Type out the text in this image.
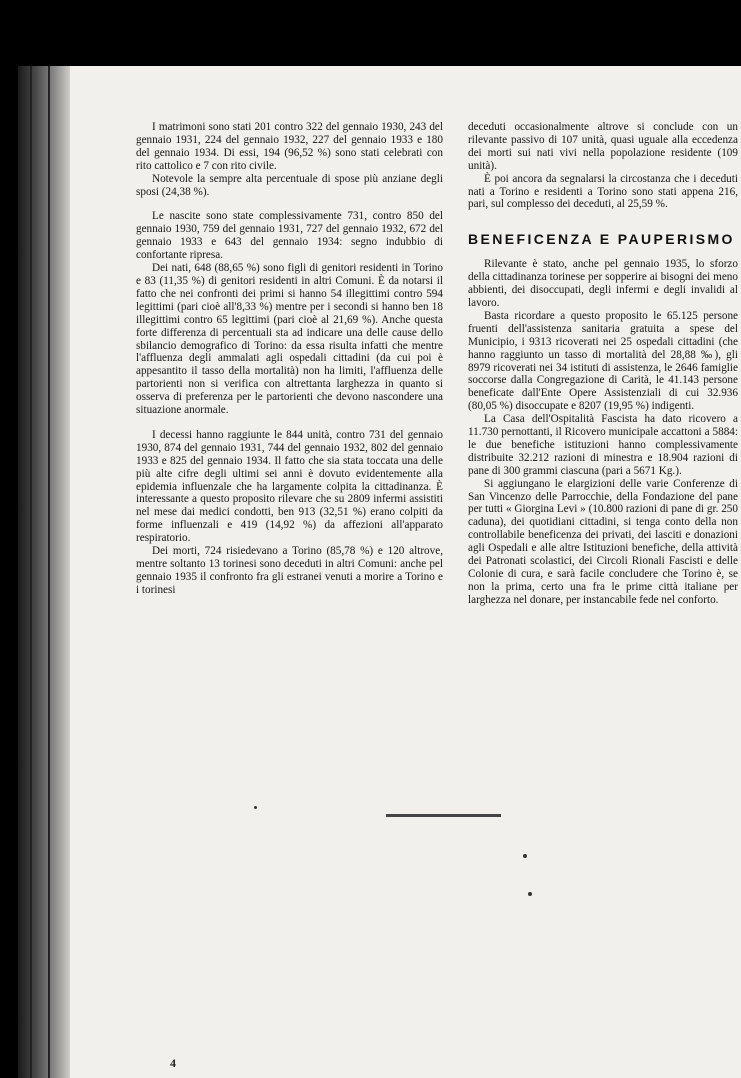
I matrimoni sono stati 201 contro 322 del gennaio 1930, 243 del gennaio 1931, 224 del gennaio 1932, 227 del gennaio 1933 e 180 del gennaio 1934. Di essi, 194 (96,52 %) sono stati celebrati con rito cattolico e 7 con rito civile.

Notevole la sempre alta percentuale di spose più anziane degli sposi (24,38 %).

Le nascite sono state complessivamente 731, contro 850 del gennaio 1930, 759 del gennaio 1931, 727 del gennaio 1932, 672 del gennaio 1933 e 643 del gennaio 1934: segno indubbio di confortante ripresa.

Dei nati, 648 (88,65 %) sono figli di genitori residenti in Torino e 83 (11,35 %) di genitori residenti in altri Comuni. È da notarsi il fatto che nei confronti dei primi si hanno 54 illegittimi contro 594 legittimi (pari cioè all'8,33 %) mentre per i secondi si hanno ben 18 illegittimi contro 65 legittimi (pari cioè al 21,69 %). Anche questa forte differenza di percentuali sta ad indicare una delle cause dello sbilancio demografico di Torino: da essa risulta infatti che mentre l'affluenza degli ammalati agli ospedali cittadini (da cui poi è appesantito il tasso della mortalità) non ha limiti, l'affluenza delle partorienti non si verifica con altrettanta larghezza in quanto si osserva di preferenza per le partorienti che devono nascondere una situazione anormale.

I decessi hanno raggiunte le 844 unità, contro 731 del gennaio 1930, 874 del gennaio 1931, 744 del gennaio 1932, 802 del gennaio 1933 e 825 del gennaio 1934. Il fatto che sia stata toccata una delle più alte cifre degli ultimi sei anni è dovuto evidentemente alla epidemia influenzale che ha largamente colpita la cittadinanza. È interessante a questo proposito rilevare che su 2809 infermi assistiti nel mese dai medici condotti, ben 913 (32,51 %) erano colpiti da forme influenzali e 419 (14,92 %) da affezioni all'apparato respiratorio.

Dei morti, 724 risiedevano a Torino (85,78 %) e 120 altrove, mentre soltanto 13 torinesi sono deceduti in altri Comuni: anche pel gennaio 1935 il confronto fra gli estranei venuti a morire a Torino e i torinesi

deceduti occasionalmente altrove si conclude con un rilevante passivo di 107 unità, quasi uguale alla eccedenza dei morti sui nati vivi nella popolazione residente (109 unità).

È poi ancora da segnalarsi la circostanza che i deceduti nati a Torino e residenti a Torino sono stati appena 216, pari, sul complesso dei deceduti, al 25,59 %.

BENEFICENZA E PAUPERISMO

Rilevante è stato, anche pel gennaio 1935, lo sforzo della cittadinanza torinese per sopperire ai bisogni dei meno abbienti, dei disoccupati, degli infermi e degli invalidi al lavoro.

Basta ricordare a questo proposito le 65.125 persone fruenti dell'assistenza sanitaria gratuita a spese del Municipio, i 9313 ricoverati nei 25 ospedali cittadini (che hanno raggiunto un tasso di mortalità del 28,88 ‰), gli 8979 ricoverati nei 34 istituti di assistenza, le 2646 famiglie soccorse dalla Congregazione di Carità, le 41.143 persone beneficate dall'Ente Opere Assistenziali di cui 32.936 (80,05 %) disoccupate e 8207 (19,95 %) indigenti.

La Casa dell'Ospitalità Fascista ha dato ricovero a 11.730 pernottanti, il Ricovero municipale accattoni a 5884: le due benefiche istituzioni hanno complessivamente distribuite 32.212 razioni di minestra e 18.904 razioni di pane di 300 grammi ciascuna (pari a 5671 Kg.).

Si aggiungano le elargizioni delle varie Conferenze di San Vincenzo delle Parrocchie, della Fondazione del pane per tutti « Giorgina Levi » (10.800 razioni di pane di gr. 250 caduna), dei quotidiani cittadini, si tenga conto della non controllabile beneficenza dei privati, dei lasciti e donazioni agli Ospedali e alle altre Istituzioni benefiche, della attività dei Patronati scolastici, dei Circoli Rionali Fascisti e delle Colonie di cura, e sarà facile concludere che Torino è, se non la prima, certo una fra le prime città italiane per larghezza nel donare, per instancabile fede nel conforto.

4
